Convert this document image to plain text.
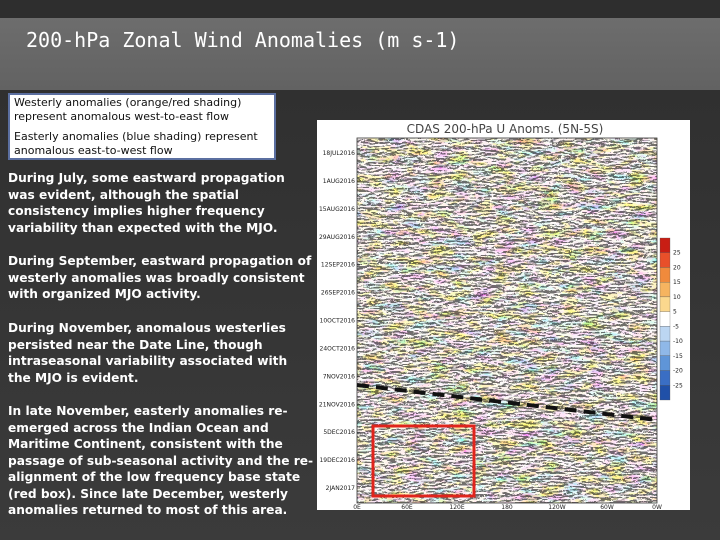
200-hPa Zonal Wind Anomalies (m s-1)

Westerly anomalies (orange/red shading) represent anomalous west-to-east flow

Easterly anomalies (blue shading) represent anomalous east-to-west flow

During July, some eastward propagation was evident, although the spatial consistency implies higher frequency variability than expected with the MJO.
During September, eastward propagation of westerly anomalies was broadly consistent with organized MJO activity.
During November, anomalous westerlies persisted near the Date Line, though intraseasonal variability associated with the MJO is evident.
In late November, easterly anomalies re-emerged across the Indian Ocean and Maritime Continent, consistent with the passage of sub-seasonal activity and the re-alignment of the low frequency base state (red box). Since late December, westerly anomalies returned to most of this area.
CDAS 200-hPa U Anoms. (5N-5S)
18JUL2016
1AUG2016
15AUG2016
29AUG2016
12SEP2016
26SEP2016
10OCT2016
24OCT2016
7NOV2016
21NOV2016
5DEC2016
19DEC2016
2JAN2017
0E	60E	120E	180	120W	60W	0W
25
20
15
10
5
-5
-10
-15
-20
-25
